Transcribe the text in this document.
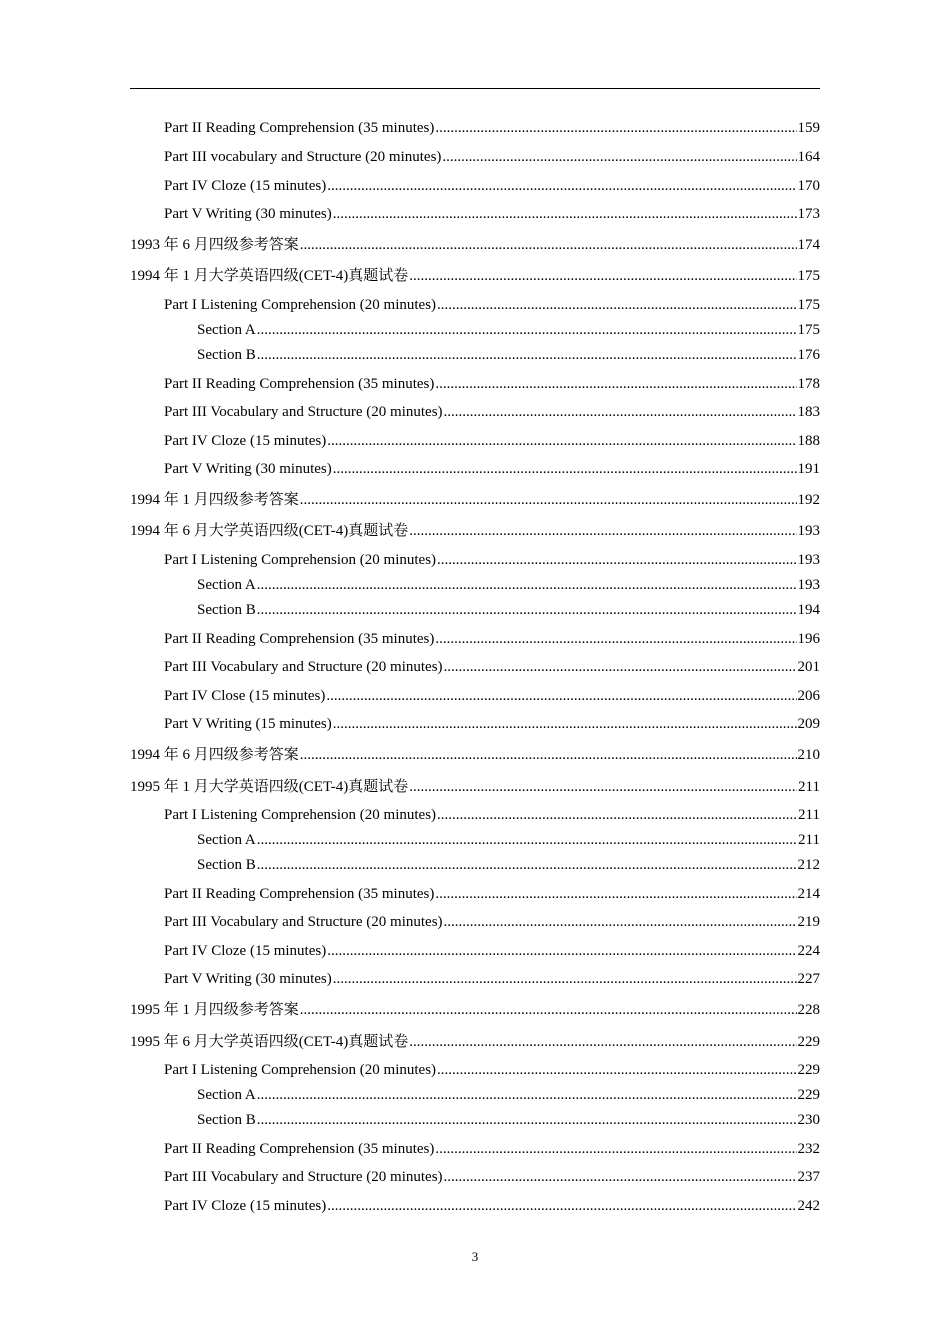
Part II Reading Comprehension (35 minutes) .....	159
Part III vocabulary and Structure (20 minutes) .....	164
Part IV Cloze (15 minutes) .....	170
Part V Writing (30 minutes) .....	173
1993 年 6 月四级参考答案 .....	174
1994 年 1 月大学英语四级(CET-4)真题试卷 .....	175
Part I Listening Comprehension (20 minutes) .....	175
Section A .....	175
Section B .....	176
Part II Reading Comprehension (35 minutes) .....	178
Part III Vocabulary and Structure (20 minutes) .....	183
Part IV Cloze (15 minutes) .....	188
Part V Writing (30 minutes) .....	191
1994 年 1 月四级参考答案 .....	192
1994 年 6 月大学英语四级(CET-4)真题试卷 .....	193
Part I Listening Comprehension (20 minutes) .....	193
Section A .....	193
Section B .....	194
Part II Reading Comprehension (35 minutes) .....	196
Part III Vocabulary and Structure (20 minutes) .....	201
Part IV Close (15 minutes) .....	206
Part V Writing (15 minutes) .....	209
1994 年 6 月四级参考答案 .....	210
1995 年 1 月大学英语四级(CET-4)真题试卷 .....	211
Part I Listening Comprehension (20 minutes) .....	211
Section A .....	211
Section B .....	212
Part II Reading Comprehension (35 minutes) .....	214
Part III Vocabulary and Structure (20 minutes) .....	219
Part IV Cloze (15 minutes) .....	224
Part V Writing (30 minutes) .....	227
1995 年 1 月四级参考答案 .....	228
1995 年 6 月大学英语四级(CET-4)真题试卷 .....	229
Part I Listening Comprehension (20 minutes) .....	229
Section A .....	229
Section B .....	230
Part II Reading Comprehension (35 minutes) .....	232
Part III Vocabulary and Structure (20 minutes) .....	237
Part IV Cloze (15 minutes) .....	242
3
